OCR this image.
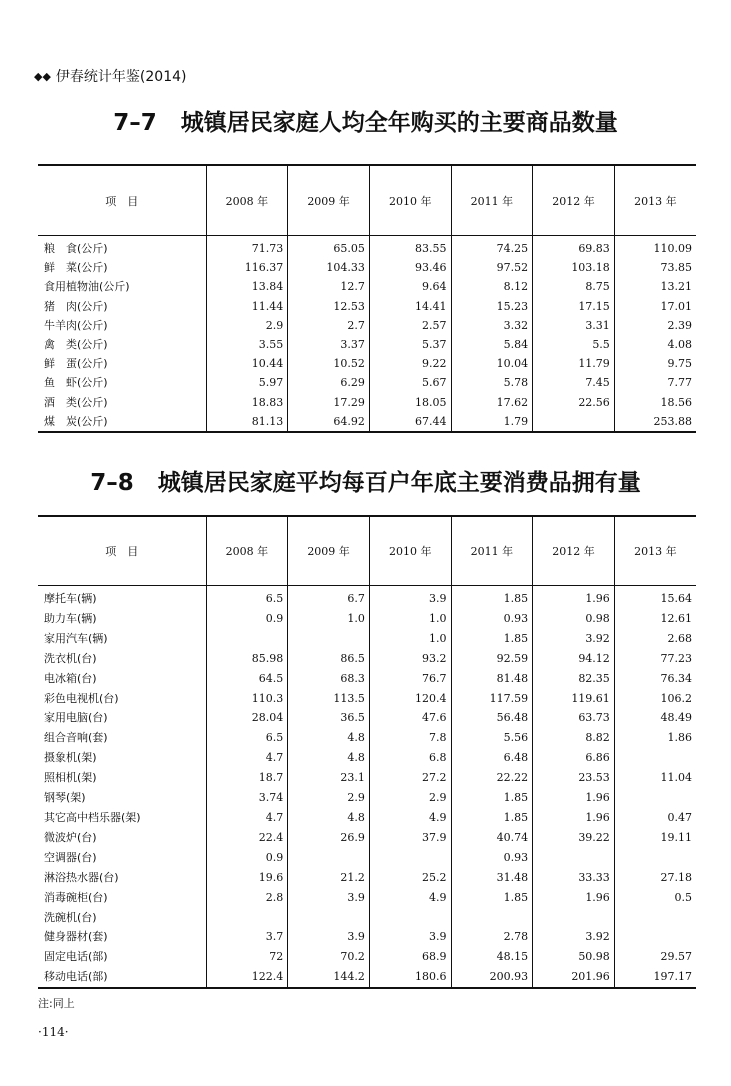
◆◆ 伊春统计年鉴(2014)
7–7 城镇居民家庭人均全年购买的主要商品数量
项　目	2008 年	2009 年	2010 年	2011 年	2012 年	2013 年
粮　食(公斤)	71.73	65.05	83.55	74.25	69.83	110.09
鲜　菜(公斤)	116.37	104.33	93.46	97.52	103.18	73.85
食用植物油(公斤)	13.84	12.7	9.64	8.12	8.75	13.21
猪　肉(公斤)	11.44	12.53	14.41	15.23	17.15	17.01
牛羊肉(公斤)	2.9	2.7	2.57	3.32	3.31	2.39
禽　类(公斤)	3.55	3.37	5.37	5.84	5.5	4.08
鲜　蛋(公斤)	10.44	10.52	9.22	10.04	11.79	9.75
鱼　虾(公斤)	5.97	6.29	5.67	5.78	7.45	7.77
酒　类(公斤)	18.83	17.29	18.05	17.62	22.56	18.56
煤　炭(公斤)	81.13	64.92	67.44	1.79		253.88
7–8 城镇居民家庭平均每百户年底主要消费品拥有量
项　目	2008 年	2009 年	2010 年	2011 年	2012 年	2013 年
摩托车(辆)	6.5	6.7	3.9	1.85	1.96	15.64
助力车(辆)	0.9	1.0	1.0	0.93	0.98	12.61
家用汽车(辆)			1.0	1.85	3.92	2.68
洗衣机(台)	85.98	86.5	93.2	92.59	94.12	77.23
电冰箱(台)	64.5	68.3	76.7	81.48	82.35	76.34
彩色电视机(台)	110.3	113.5	120.4	117.59	119.61	106.2
家用电脑(台)	28.04	36.5	47.6	56.48	63.73	48.49
组合音响(套)	6.5	4.8	7.8	5.56	8.82	1.86
摄象机(架)	4.7	4.8	6.8	6.48	6.86	
照相机(架)	18.7	23.1	27.2	22.22	23.53	11.04
钢琴(架)	3.74	2.9	2.9	1.85	1.96	
其它高中档乐器(架)	4.7	4.8	4.9	1.85	1.96	0.47
微波炉(台)	22.4	26.9	37.9	40.74	39.22	19.11
空调器(台)	0.9			0.93		
淋浴热水器(台)	19.6	21.2	25.2	31.48	33.33	27.18
消毒碗柜(台)	2.8	3.9	4.9	1.85	1.96	0.5
洗碗机(台)						
健身器材(套)	3.7	3.9	3.9	2.78	3.92	
固定电话(部)	72	70.2	68.9	48.15	50.98	29.57
移动电话(部)	122.4	144.2	180.6	200.93	201.96	197.17
注:同上
·114·
